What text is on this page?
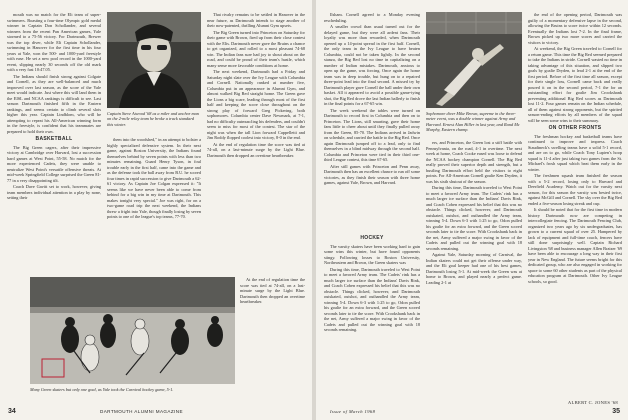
mouth was no match for the Eli team of super-swimmers. Boasting a four-time Olympic gold medal winner in Captain Don Schollander, and several winners from the recent Pan American games, Yale stormed to a 75-56 victory. For Dartmouth, Brewer was the top diver, while Eli Captain Schollander, swimming in Hanover for the first time in his four years at Yale, won the 500- and 1000-yard freestyle with ease. He set a new pool record in the 1000-yard event, slipping nearly 30 seconds off the old mark with a very fast 10:47.05.

The Indians should finish strong against Colgate and Cornell, as they are well-balanced and much improved over last season, as the score of the Yale meet would indicate. Just where this will land them in the EISL and NCAA rankings is difficult to see. Last season Dartmouth finished fifth in the Eastern rankings, and seems certain to climb several slots higher this year. Captain Lindblom, who will be attempting to repeat his All-American winning form in the freestyle, is confident that his teammates are prepared to hold their own.

BASKETBALL

The Big Green cagers, after their impressive victory at Cambridge over Harvard, lost a succession hard games at West Point, 55-58. No match for the more experienced Cadets, they were unable to neutralize West Point's versatile offensive threats. At mid-week Springfield College surprised the Green 81-77 in a very disappointing tilt.

Coach Dave Gavitt set to work, however, giving team members individual attention in a play by none, setting their

Captain Steve Atwood '68 as a miler and anchor man on the 2-mile relay team he broke a track standard this winter.

them into the woodshed," in an attempt to bolster a highly specialized defensive system. In their next game, against Boston University, the Indians found themselves behind by seven points with less than two minutes remaining. Guard Henry Tyson, in foul trouble early in the first half, came into the game and as the defense took the ball away from B.U. he scored four times in rapid succession to give Dartmouth a 62-61 victory. As Captain Joe Colgan expressed it: "It seems like we have never been able to come from behind for a big win in my time at Dartmouth. This makes tonight very special." Joe was right, for on a two-game road trip the next weekend, the Indians threw a fright into Yale, though finally losing by seven points to one of the league's top teams, 77-70.

That rivalry remains to be settled in Hanover in the near future, as Dartmouth intends to stage another of their now-patented, thrilling Alumni Gym upsets.

The Big Green turned into Princeton on Saturday for their game with Brown, fired up from their close contest with the Elis. Dartmouth never gave the Bruins a chance to get organized, and rolled to a most pleasant 74-68 win. The Indian fans sure had joy to shout about on the road, and could be proud of their team's hustle, which many sense more favorable conditions at home.

The next weekend, Dartmouth had a Friday and Saturday night slate over the Ivy League with Columbia and Cornell. Nationally ranked at number five, Columbia put in an appearance in Alumni Gym, and almost walked Big Red straight home. The Green gave the Lions a big scare, leading through most of the first half and keeping the score close throughout on the strong play of forward Greg Pickering, both sophomores. Columbia center Dave Newmark, at 7-1, had no difficulty outmuscling his defenders, and couldn't seem to miss for most of the contest. The star of the night was when the tall Lion forward Cappelletti and Jim Roddy flopped coolest into victory, 8-0 in the end.

At the end of regulation time the score was tied at 74-all, on a last-minute surge by the Light Blue. Dartmouth then dropped an overtime heartbreaker.

Many Green skaters but only one goal, as Yale took the Carnival hockey game, 5-1.

At the end of regulation time the score was tied at 74-all, on a last-minute surge by the Light Blue. Dartmouth then dropped an overtime heartbreaker.

34	DARTMOUTH ALUMNI MAGAZINE

Ilsham. Cornell agreed to a Monday evening rescheduling.

A smaller crowd than usual turned out for the delayed game, but they were all ardent fans. Their loyalty was more than rewarded, when Dartmouth opened up a 14-point spread in the first half. Cornell, the only team in the Ivy League to have beaten Columbia, could not be taken lightly. In the second stanza, the Big Red lost no time in capitalizing on a number of Indian mistakes. Dartmouth, anxious to open up the game, was forcing. Once again the home team was in deep trouble, but hung on to a repaired three-point lead into the final second. A missed try by Dartmouth player gave Cornell the ball under their own basket. All it appeared to avoid a possible game-tying shot, the Big Red drove the last Indian ballerly to finish in the final points for a 67-65 win.

The week weekend the tables were turned on Dartmouth to record first in Columbia and then on to Princeton. The Lions, still smarting, gave their home fans little to cheer about until they finally pulled away from the Green, 85-70. The Indians arrived in Jadwin on schedule, and carried the battle to the Big Red. Once again Dartmouth jumped off to a lead, only to find themselves in a blind midway through the second half. Columbia and Princeton were tied in their third one-third League contest, this time 67-65.

After still games with Princeton and Penn away, Dartmouth then has an excellent chance to run off some victories, as they finish their season with three home games, against Yale, Brown, and Harvard.

HOCKEY

The varsity skaters have been working hard to gain some wins this winter, but have found opponents stingy. Following losses to Boston University, Northeastern and Brown, the Green skaters was

During this time, Dartmouth traveled to West Point to meet a favored Army team. The Cadets' rink has a much larger ice surface than the Indians' Davis Rink, and Coach Coben expressed his belief that this was no obstacle. Things clicked, however, and Dartmouth outskated, outshot, and outhandled the Army team, winning 5-4. Down 6-3 with 1:25 to go, Odon pulled his goalie for an extra forward, and the Green scored seconds later to tie the score. With Crookshank back in the net, Army suffered a major swing in favor of the Cadets and pulled out the winning goal with 18 seconds remaining.

Sophomore diver Mike Brown, supreme in the three-meter event, was a double winner against Army and Harvard. Ernest Alan Hiller in last year, and Rand Mc Murphy, Eastern champ.

ers, and Princeton, the Green lost a stiff battle with Pennsylvania, on the road, 4-1 in overtime. The next week at home, Coach Cooke eased was loose to defend the NCAA hockey champion Cornell. The Big Red really proved their superior depth and strength, but a bustling Dartmouth effort held the visitors to eight points. For All-American Cornell goalie Ken Dryden, it was his sixth shutout of the season.

During this time, Dartmouth traveled to West Point to meet a favored Army team. The Cadets' rink has a much larger ice surface than the Indians' Davis Rink, and Coach Coben expressed his belief that this was no obstacle. Things clicked, however, and Dartmouth outskated, outshot, and outhandled the Army team, winning 5-4. Down 6-3 with 1:25 to go, Odon pulled his goalie for an extra forward, and the Green scored seconds later to tie the score. With Crookshank back in the net, Army suffered a major swing in favor of the Cadets and pulled out the winning goal with 18 seconds remaining.

Against Yale, Saturday morning of Carnival, the Indian skaters could not get their offense under way, and the Eli goal keeper had one of his best games, Dartmouth losing 5-1. At mid-week the Green was at home to Brown, and played nearly a perfect game. Leading 2-1 at

the end of the opening period, Dartmouth was guilty of a momentary defensive lapse in the second, allowing the Bruins to score twice within 12 seconds. Eventually the Indians lost 7-2. In the final frame, Brown picked up two more scores and carried the visitors to victory.

At weekend, the Big Green traveled to Cornell for a return game. This time the Big Red seemed prepared to take the Indians in stride. Cornell wasted no time in taking advantage of this situation, and slipped two goals by goalie Dryden, to lead 2-1 at the end of the first period. Before of the first time all season, except for their single loss, Cornell came back and really poured it on in the second period, 7-1 the for an outstanding effort for goalie Jim Crookshank preventing additional Big Red scores as Dartmouth lost 11-2. Four games remain on the Indian schedule, all of them against strong opponents, but the spirited season-ending efforts by all members of the squad will be seen some wins to their summary.

ON OTHER FRONTS

The freshman hockey and basketball teams have continued to improve and impress. Coach Staudtneck's swelling teams have a solid 5-1 record, and are on to go, while Coach Tony Lupien's hoop squad is 11-4 after just taking two games from the St. Michael's frosh squad which beat them early in the winter.

The freshmen squash team finished the season with a 5-2 record, losing only to Harvard and Deerfield Academy. Watch out for the varsity next season, for this season the varsity was bested twice, against McGill and Cornell. The sky over the Big Red ended a five-season losing streak and cup.

It should be noted that for the first time in modern history Dartmouth now are competing in intercollegiate fencing. The Dartmouth Fencing Club, organized two years ago by six undergraduates, has grown to a current squad of over 25. Hampered by lack of equipment and full-time coach, fencers have still done surprisingly well. Captain Richard Livingston '68 and business manager Allen Braizer '69 have been able to encourage a long way in their first year in New England. The future seems bright for this dedicated group, who are also engaged in working for space to some 60 other students as part of the physical education program at Dartmouth. Other Ivy League schools, so good.

ALBERT C. JONES '68
Issue of March 1968	35
